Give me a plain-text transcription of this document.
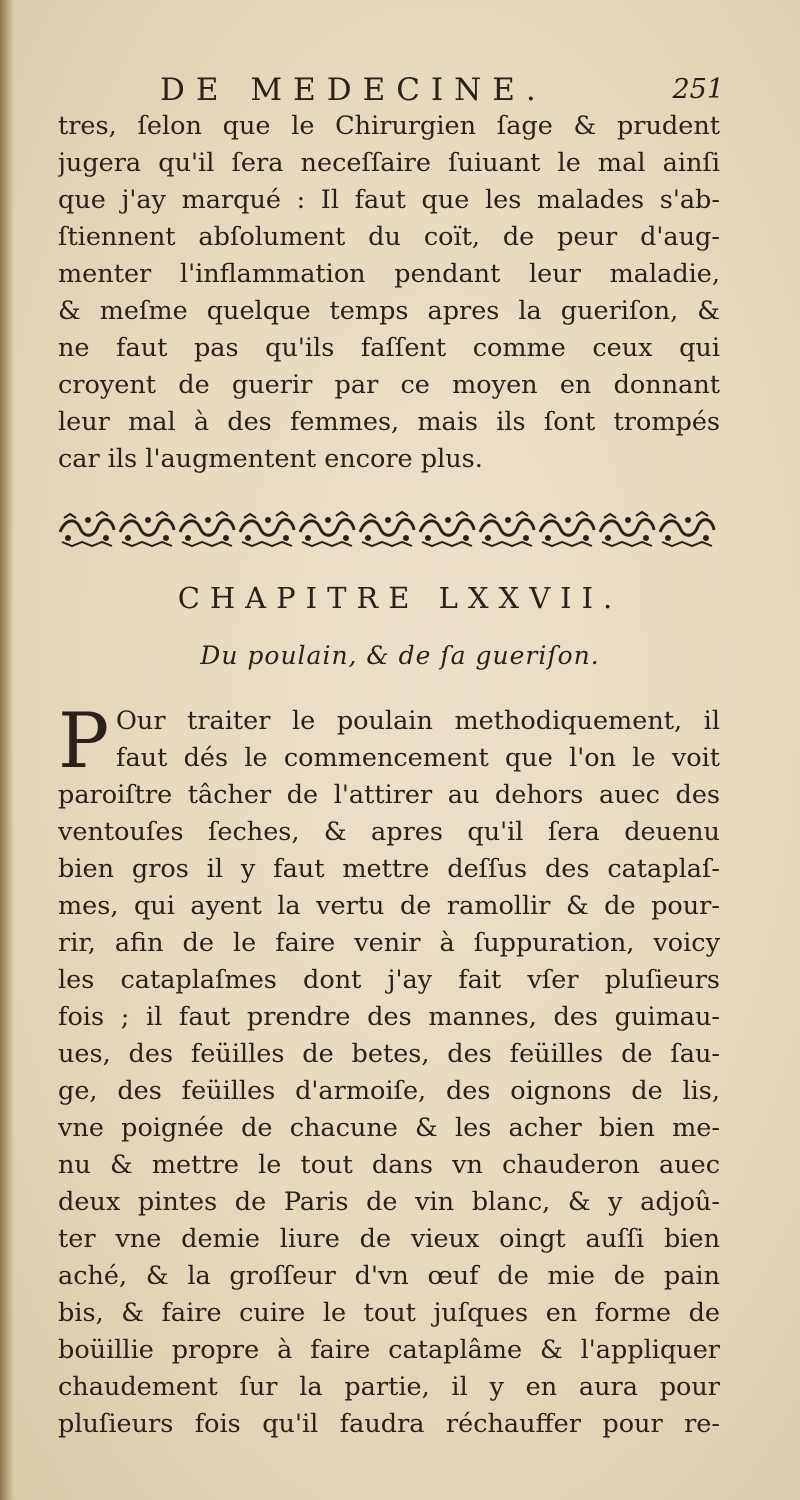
DE MEDECINE.	251
tres, ſelon que le Chirurgien ſage & prudent
jugera qu'il ſera neceſſaire ſuiuant le mal ainſi
que j'ay marqué : Il faut que les malades s'ab-
ſtiennent abſolument du coït, de peur d'aug-
menter l'inflammation pendant leur maladie,
& meſme quelque temps apres la gueriſon, &
ne faut pas qu'ils faſſent comme ceux qui
croyent de guerir par ce moyen en donnant
leur mal à des femmes, mais ils ſont trompés
car ils l'augmentent encore plus.
CHAPITRE LXXVII.
Du poulain, & de ſa gueriſon.
P Our traiter le poulain methodiquement, il
faut dés le commencement que l'on le voit
paroiſtre tâcher de l'attirer au dehors auec des
ventouſes ſeches, & apres qu'il ſera deuenu
bien gros il y faut mettre deſſus des cataplaſ-
mes, qui ayent la vertu de ramollir & de pour-
rir, afin de le faire venir à ſuppuration, voicy
les cataplaſmes dont j'ay fait vſer pluſieurs
fois ; il faut prendre des mannes, des guimau-
ues, des feüilles de betes, des feüilles de ſau-
ge, des feüilles d'armoiſe, des oignons de lis,
vne poignée de chacune & les acher bien me-
nu & mettre le tout dans vn chauderon auec
deux pintes de Paris de vin blanc, & y adjoû-
ter vne demie liure de vieux oingt auſſi bien
aché, & la groſſeur d'vn œuf de mie de pain
bis, & faire cuire le tout juſques en forme de
boüillie propre à faire cataplâme & l'appliquer
chaudement ſur la partie, il y en aura pour
pluſieurs fois qu'il faudra réchauffer pour re-
